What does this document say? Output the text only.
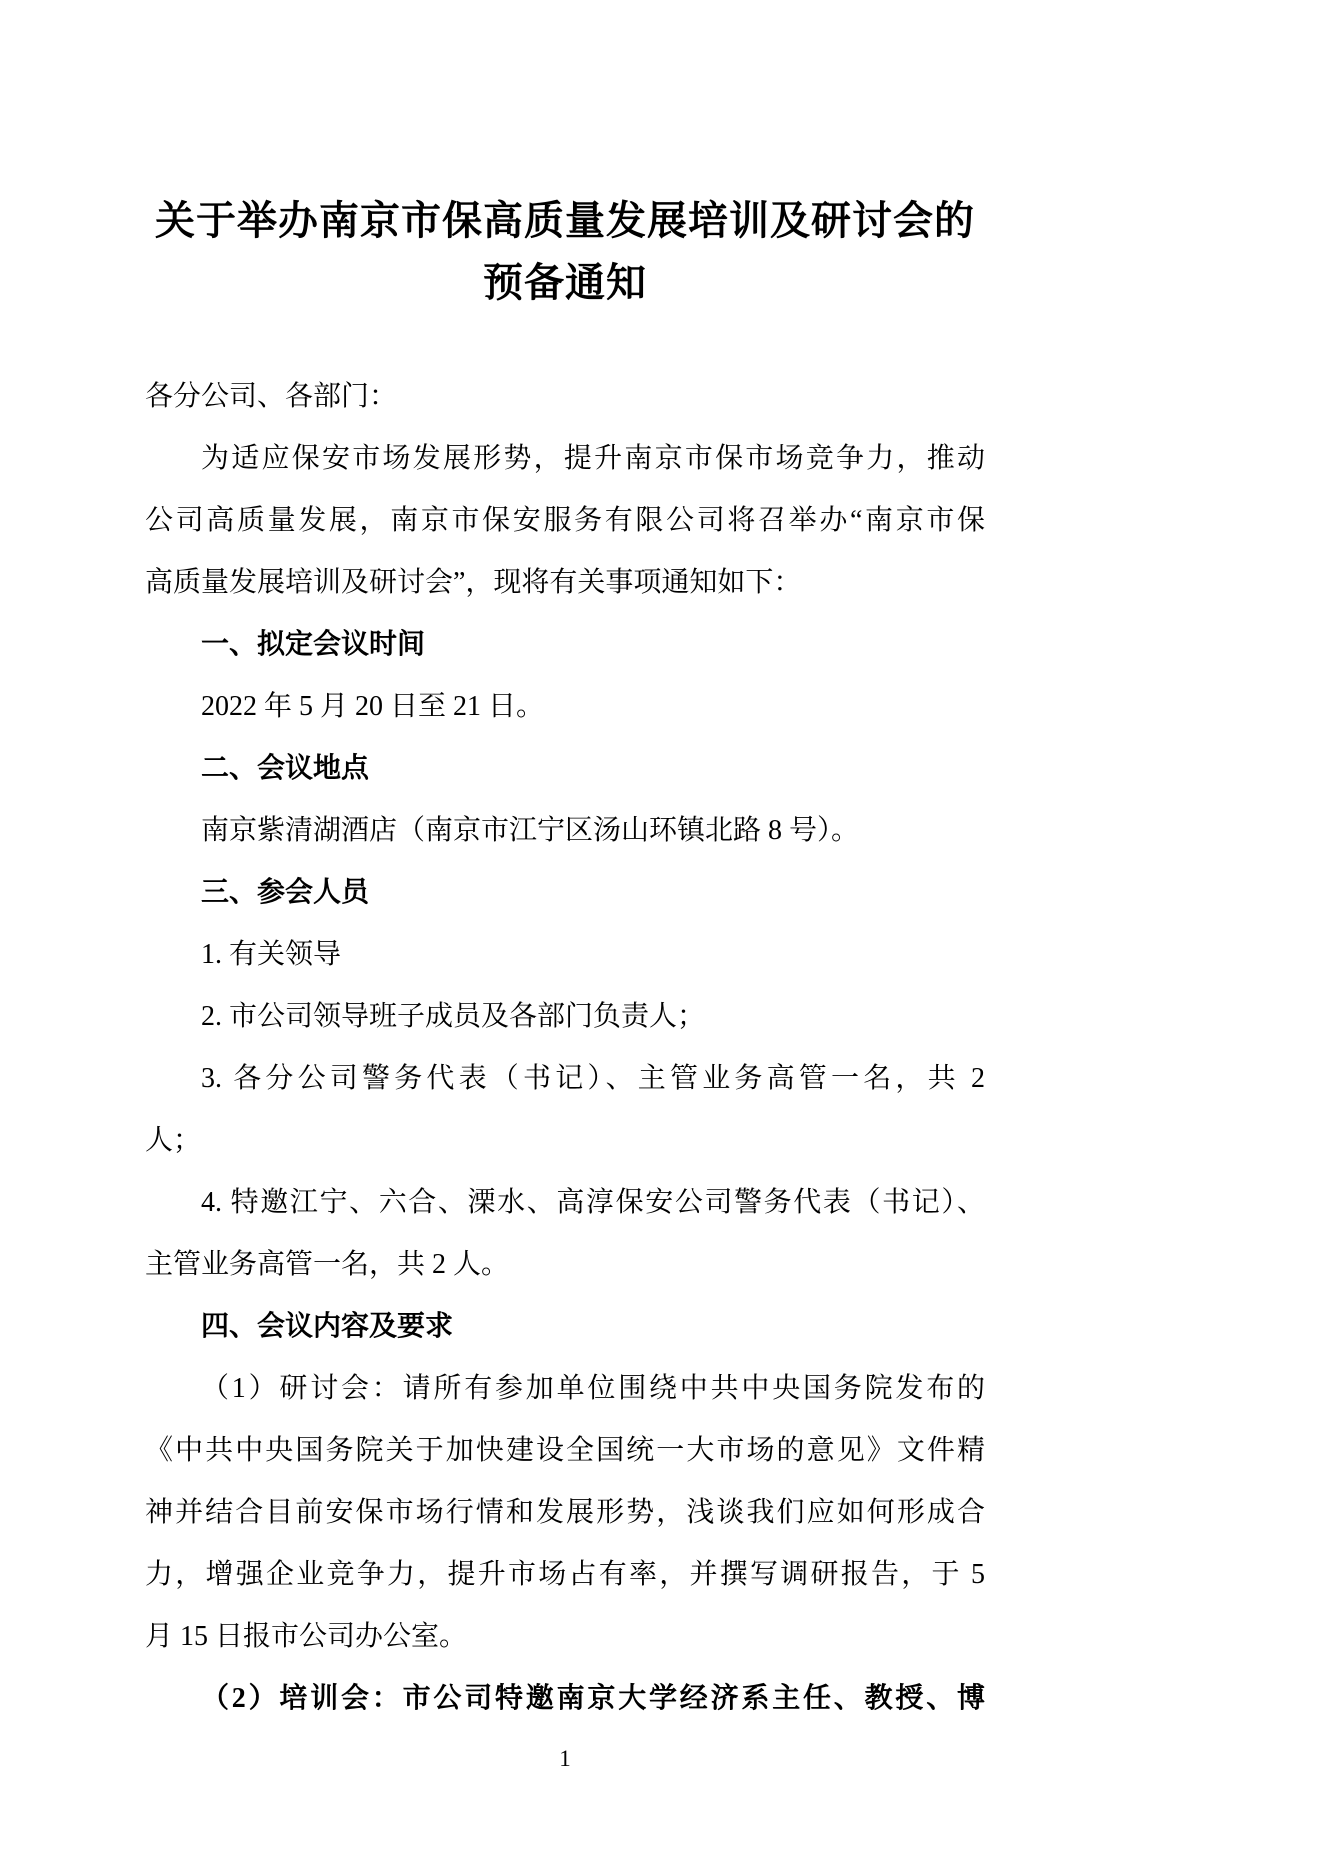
关于举办南京市保高质量发展培训及研讨会的
预备通知
各分公司、各部门：
为适应保安市场发展形势，提升南京市保市场竞争力，推动
公司高质量发展，南京市保安服务有限公司将召举办“南京市保
高质量发展培训及研讨会”，现将有关事项通知如下：
一、拟定会议时间
2022 年 5 月 20 日至 21 日。
二、会议地点
南京紫清湖酒店（南京市江宁区汤山环镇北路 8 号）。
三、参会人员
1. 有关领导
2. 市公司领导班子成员及各部门负责人；
3. 各分公司警务代表（书记）、主管业务高管一名，共 2
人；
4. 特邀江宁、六合、溧水、高淳保安公司警务代表（书记）、
主管业务高管一名，共 2 人。
四、会议内容及要求
（1）研讨会：请所有参加单位围绕中共中央国务院发布的
《中共中央国务院关于加快建设全国统一大市场的意见》文件精
神并结合目前安保市场行情和发展形势，浅谈我们应如何形成合
力，增强企业竞争力，提升市场占有率，并撰写调研报告，于 5
月 15 日报市公司办公室。
（2）培训会：市公司特邀南京大学经济系主任、教授、博
1
